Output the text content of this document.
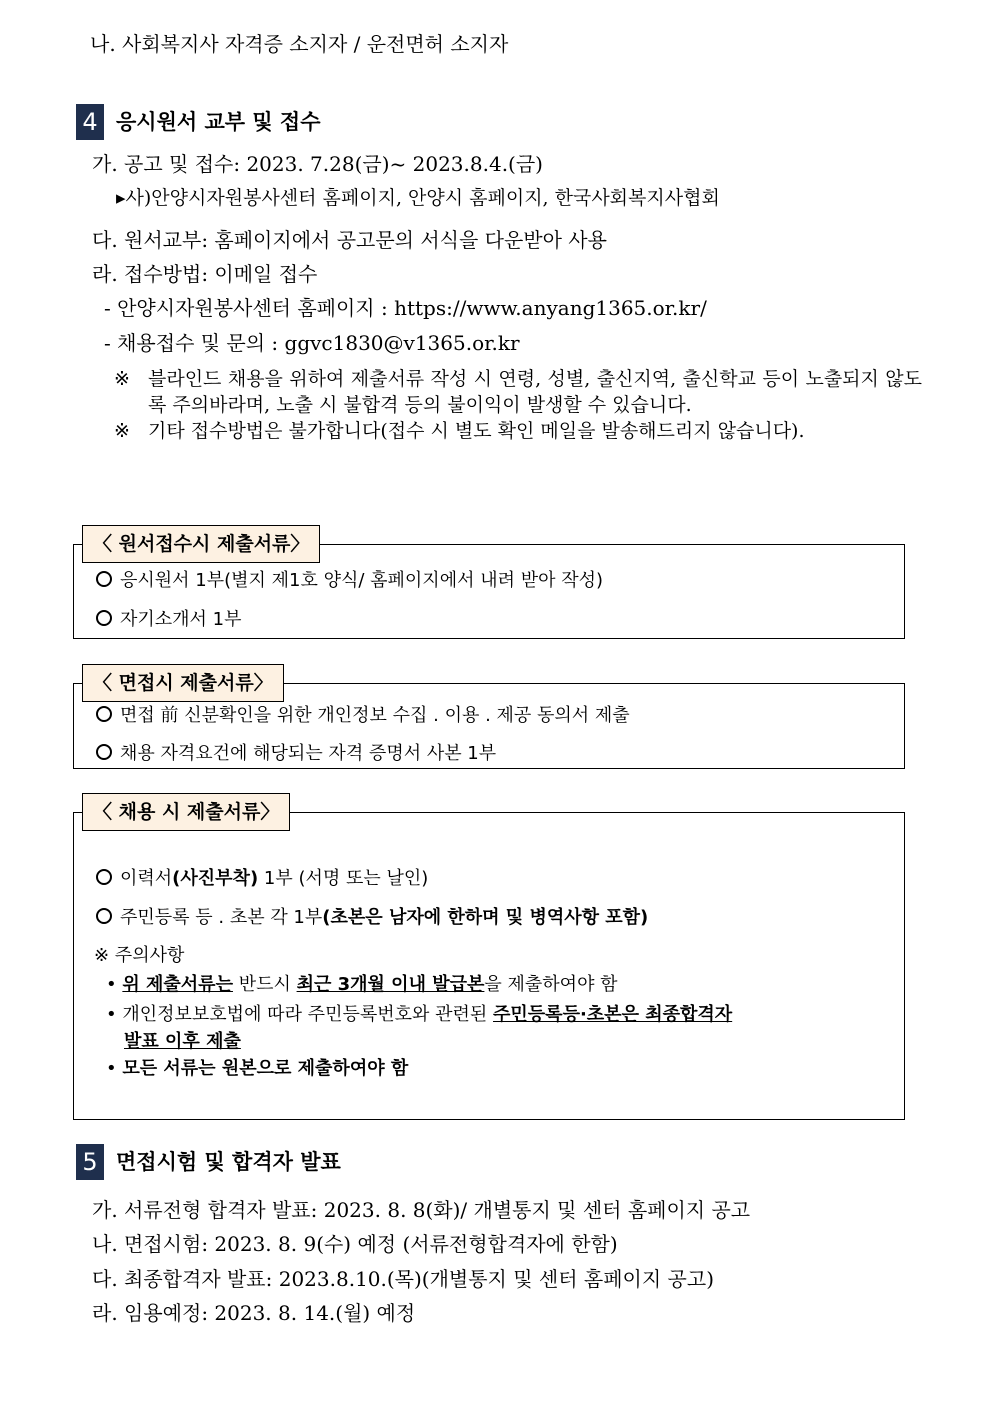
나. 사회복지사 자격증 소지자 / 운전면허 소지자
4 응시원서 교부 및 접수
가. 공고 및 접수: 2023. 7.28(금)~ 2023.8.4.(금)
▸사)안양시자원봉사센터 홈페이지, 안양시 홈페이지, 한국사회복지사협회
다. 원서교부: 홈페이지에서 공고문의 서식을 다운받아 사용
라. 접수방법: 이메일 접수
- 안양시자원봉사센터 홈페이지 : https://www.anyang1365.or.kr/
- 채용접수 및 문의 : ggvc1830@v1365.or.kr
※ 블라인드 채용을 위하여 제출서류 작성 시 연령, 성별, 출신지역, 출신학교 등이 노출되지 않도록 주의바라며, 노출 시 불합격 등의 불이익이 발생할 수 있습니다.
※ 기타 접수방법은 불가합니다(접수 시 별도 확인 메일을 발송해드리지 않습니다).
〈 원서접수시 제출서류〉
응시원서 1부(별지 제1호 양식/ 홈페이지에서 내려 받아 작성)
자기소개서 1부
〈 면접시 제출서류〉
면접 前 신분확인을 위한 개인정보 수집 . 이용 . 제공 동의서 제출
채용 자격요건에 해당되는 자격 증명서 사본 1부
〈 채용 시 제출서류〉
이력서(사진부착) 1부 (서명 또는 날인)
주민등록 등 . 초본 각 1부(초본은 남자에 한하며 및 병역사항 포함)
※ 주의사항
• 위 제출서류는 반드시 최근 3개월 이내 발급본을 제출하여야 함
• 개인정보보호법에 따라 주민등록번호와 관련된 주민등록등·초본은 최종합격자
발표 이후 제출
• 모든 서류는 원본으로 제출하여야 함
5 면접시험 및 합격자 발표
가. 서류전형 합격자 발표: 2023. 8. 8(화)/ 개별통지 및 센터 홈페이지 공고
나. 면접시험: 2023. 8. 9(수) 예정 (서류전형합격자에 한함)
다. 최종합격자 발표: 2023.8.10.(목)(개별통지 및 센터 홈페이지 공고)
라. 임용예정: 2023. 8. 14.(월) 예정
